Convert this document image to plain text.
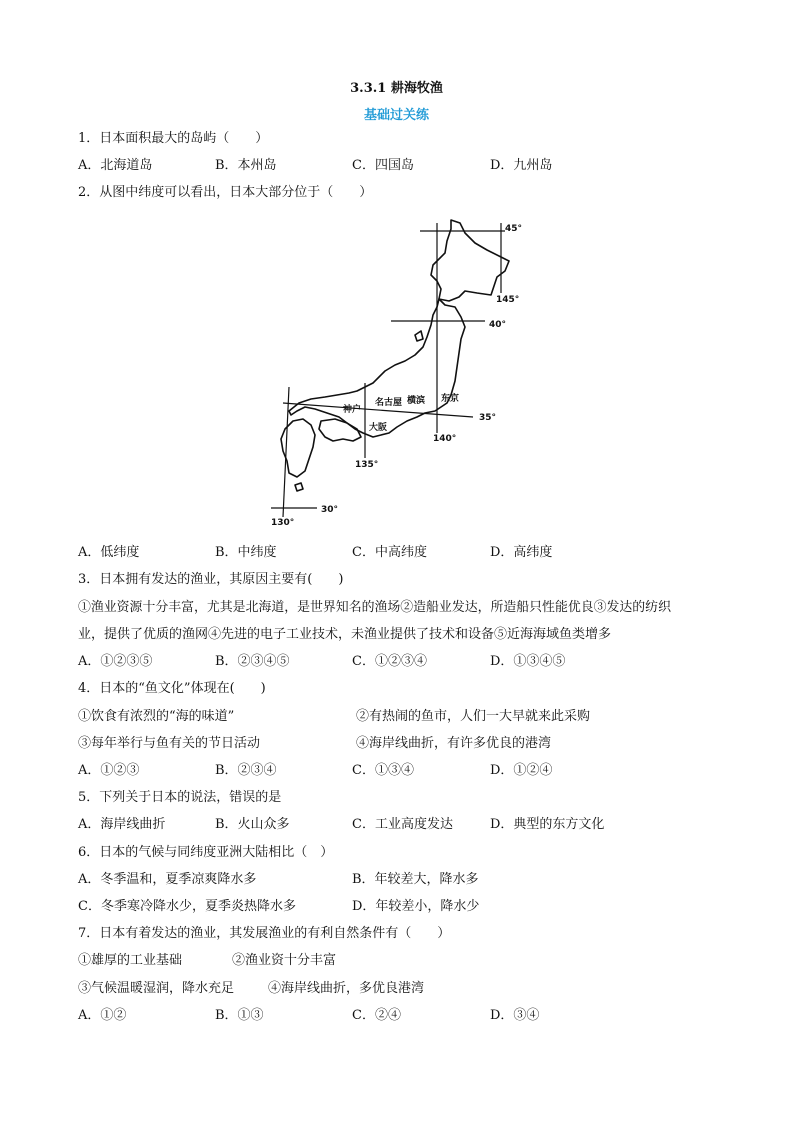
3.3.1 耕海牧渔
基础过关练
1．日本面积最大的岛屿（　　）
A．北海道岛	B．本州岛	C．四国岛	D．九州岛
2．从图中纬度可以看出，日本大部分位于（　　）
45°
40°
35°
30°
145°
140°
135°
130°
名古屋 横滨 东京
神户
大阪
A．低纬度	B．中纬度	C．中高纬度	D．高纬度
3．日本拥有发达的渔业，其原因主要有(　　)
①渔业资源十分丰富，尤其是北海道，是世界知名的渔场②造船业发达，所造船只性能优良③发达的纺织
业，提供了优质的渔网④先进的电子工业技术，未渔业提供了技术和设备⑤近海海域鱼类增多
A．①②③⑤	B．②③④⑤	C．①②③④	D．①③④⑤
4．日本的“鱼文化”体现在(　　)
①饮食有浓烈的“海的味道”	②有热闹的鱼市，人们一大早就来此采购
③每年举行与鱼有关的节日活动	④海岸线曲折，有许多优良的港湾
A．①②③	B．②③④	C．①③④	D．①②④
5．下列关于日本的说法，错误的是
A．海岸线曲折	B．火山众多	C．工业高度发达	D．典型的东方文化
6．日本的气候与同纬度亚洲大陆相比（　）
A．冬季温和，夏季凉爽降水多	B．年较差大，降水多
C．冬季寒冷降水少，夏季炎热降水多	D．年较差小，降水少
7．日本有着发达的渔业，其发展渔业的有利自然条件有（　　）
①雄厚的工业基础	②渔业资十分丰富
③气候温暖湿润，降水充足	④海岸线曲折，多优良港湾
A．①②	B．①③	C．②④	D．③④
